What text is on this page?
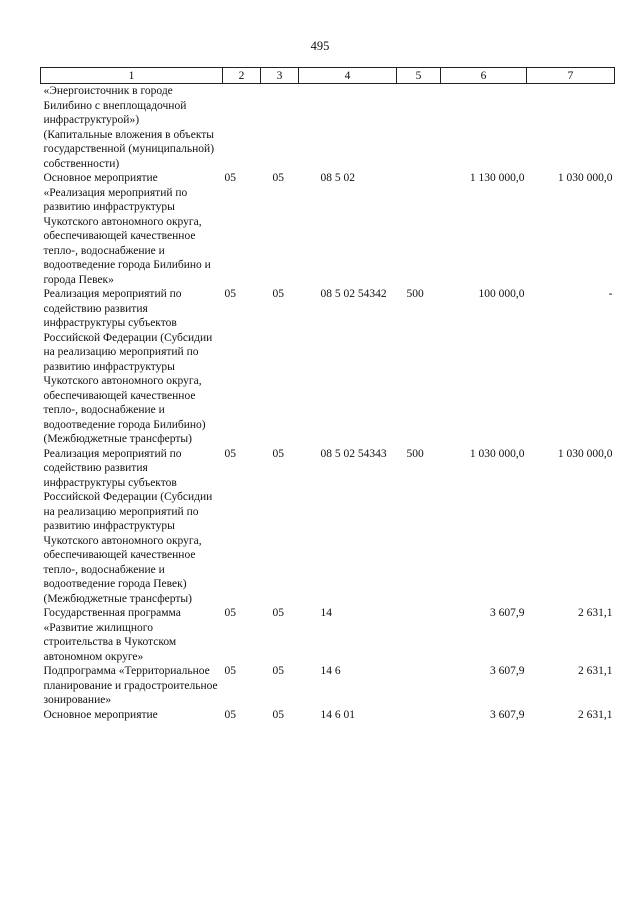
495
1	2	3	4	5	6	7
«Энергоисточник в городе Билибино с внеплощадочной инфраструктурой»)						
(Капитальные вложения в объекты государственной (муниципальной) собственности)						
Основное мероприятие «Реализация мероприятий по развитию инфраструктуры Чукотского автономного округа, обеспечивающей качественное тепло-, водоснабжение и водоотведение города Билибино и города Певек»	05	05	08 5 02		1 130 000,0	1 030 000,0
Реализация мероприятий по содействию развития инфраструктуры субъектов Российской Федерации (Субсидии на реализацию мероприятий по развитию инфраструктуры Чукотского автономного округа, обеспечивающей качественное тепло-, водоснабжение и водоотведение города Билибино) (Межбюджетные трансферты)	05	05	08 5 02 54342	500	100 000,0	-
Реализация мероприятий по содействию развития инфраструктуры субъектов Российской Федерации (Субсидии на реализацию мероприятий по развитию инфраструктуры Чукотского автономного округа, обеспечивающей качественное тепло-, водоснабжение и водоотведение города Певек) (Межбюджетные трансферты)	05	05	08 5 02 54343	500	1 030 000,0	1 030 000,0
Государственная программа «Развитие жилищного строительства в Чукотском автономном округе»	05	05	14		3 607,9	2 631,1
Подпрограмма «Территориальное планирование и градостроительное зонирование»	05	05	14 6		3 607,9	2 631,1
Основное мероприятие	05	05	14 6 01		3 607,9	2 631,1
